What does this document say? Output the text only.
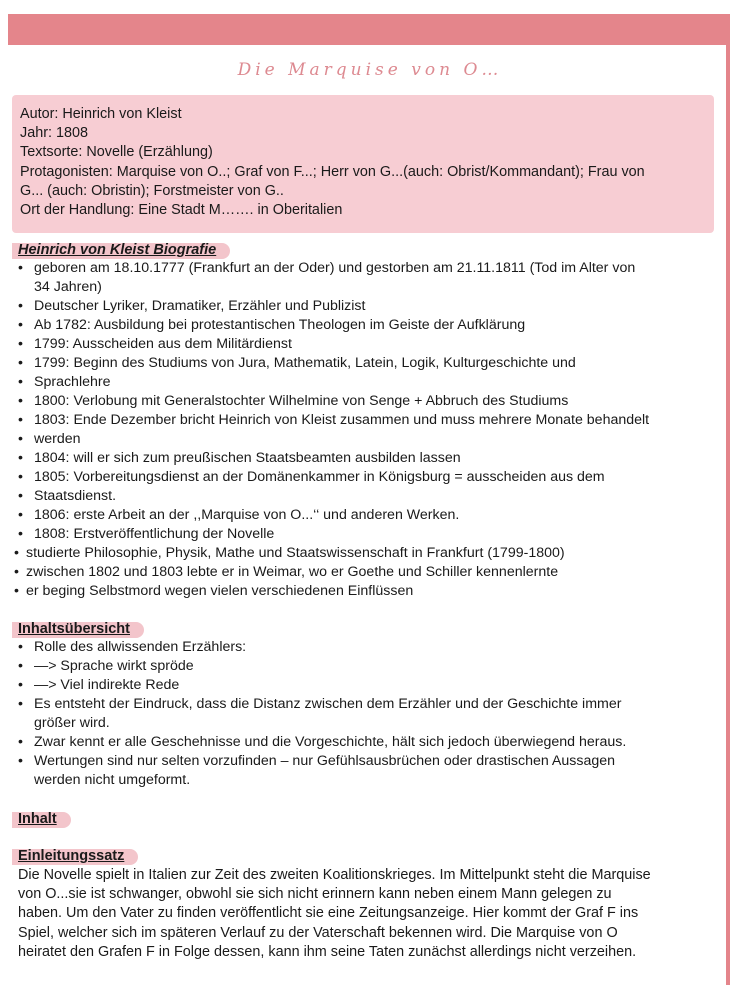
Die Marquise von O…
Autor: Heinrich von Kleist
Jahr: 1808
Textsorte: Novelle (Erzählung)
Protagonisten: Marquise von O..; Graf von F...; Herr von G...(auch: Obrist/Kommandant); Frau von
G... (auch: Obristin); Forstmeister von G..
Ort der Handlung: Eine Stadt M……. in Oberitalien
Heinrich von Kleist Biografie
• geboren am 18.10.1777 (Frankfurt an der Oder) und gestorben am 21.11.1811 (Tod im Alter von
34 Jahren)
• Deutscher Lyriker, Dramatiker, Erzähler und Publizist
• Ab 1782: Ausbildung bei protestantischen Theologen im Geiste der Aufklärung
• 1799: Ausscheiden aus dem Militärdienst
• 1799: Beginn des Studiums von Jura, Mathematik, Latein, Logik, Kulturgeschichte und
• Sprachlehre
• 1800: Verlobung mit Generalstochter Wilhelmine von Senge + Abbruch des Studiums
• 1803: Ende Dezember bricht Heinrich von Kleist zusammen und muss mehrere Monate behandelt
• werden
• 1804: will er sich zum preußischen Staatsbeamten ausbilden lassen
• 1805: Vorbereitungsdienst an der Domänenkammer in Königsburg = ausscheiden aus dem
• Staatsdienst.
• 1806: erste Arbeit an der ,,Marquise von O...‘‘ und anderen Werken.
• 1808: Erstveröffentlichung der Novelle
• studierte Philosophie, Physik, Mathe und Staatswissenschaft in Frankfurt (1799-1800)
• zwischen 1802 und 1803 lebte er in Weimar, wo er Goethe und Schiller kennenlernte
• er beging Selbstmord wegen vielen verschiedenen Einflüssen
Inhaltsübersicht
• Rolle des allwissenden Erzählers:
• —> Sprache wirkt spröde
• —> Viel indirekte Rede
• Es entsteht der Eindruck, dass die Distanz zwischen dem Erzähler und der Geschichte immer
größer wird.
• Zwar kennt er alle Geschehnisse und die Vorgeschichte, hält sich jedoch überwiegend heraus.
• Wertungen sind nur selten vorzufinden – nur Gefühlsausbrüchen oder drastischen Aussagen
werden nicht umgeformt.
Inhalt
Einleitungssatz
Die Novelle spielt in Italien zur Zeit des zweiten Koalitionskrieges. Im Mittelpunkt steht die Marquise
von O...sie ist schwanger, obwohl sie sich nicht erinnern kann neben einem Mann gelegen zu
haben. Um den Vater zu finden veröffentlicht sie eine Zeitungsanzeige. Hier kommt der Graf F ins
Spiel, welcher sich im späteren Verlauf zu der Vaterschaft bekennen wird. Die Marquise von O
heiratet den Grafen F in Folge dessen, kann ihm seine Taten zunächst allerdings nicht verzeihen.
